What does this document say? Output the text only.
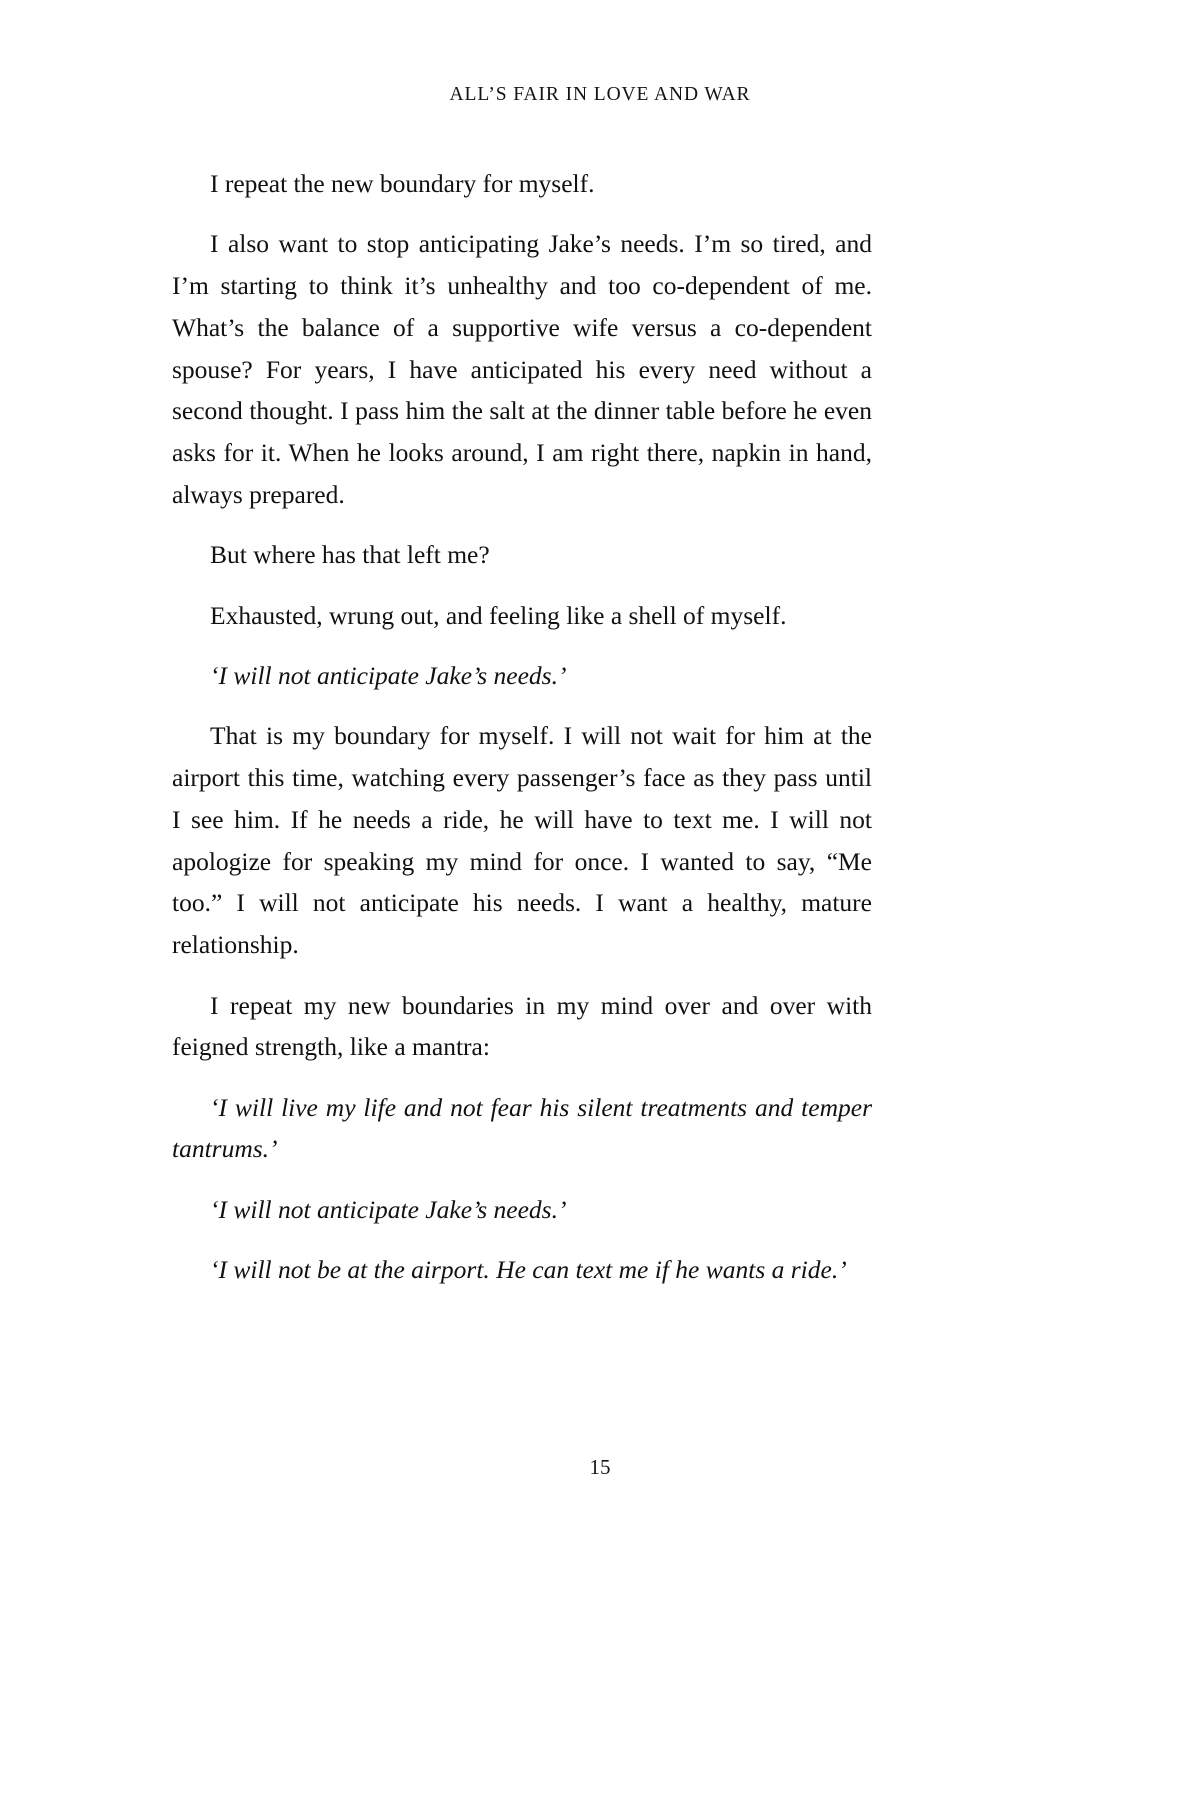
ALL’S FAIR IN LOVE AND WAR

I repeat the new boundary for myself.

I also want to stop anticipating Jake’s needs. I’m so tired, and I’m starting to think it’s unhealthy and too co-dependent of me. What’s the balance of a supportive wife versus a co-dependent spouse? For years, I have anticipated his every need without a second thought. I pass him the salt at the dinner table before he even asks for it. When he looks around, I am right there, napkin in hand, always prepared.

But where has that left me?

Exhausted, wrung out, and feeling like a shell of myself.

‘I will not anticipate Jake’s needs.’

That is my boundary for myself. I will not wait for him at the airport this time, watching every passenger’s face as they pass until I see him. If he needs a ride, he will have to text me. I will not apologize for speaking my mind for once. I wanted to say, “Me too.” I will not anticipate his needs. I want a healthy, mature relationship.

I repeat my new boundaries in my mind over and over with feigned strength, like a mantra:

‘I will live my life and not fear his silent treatments and temper tantrums.’

‘I will not anticipate Jake’s needs.’

‘I will not be at the airport. He can text me if he wants a ride.’

15
